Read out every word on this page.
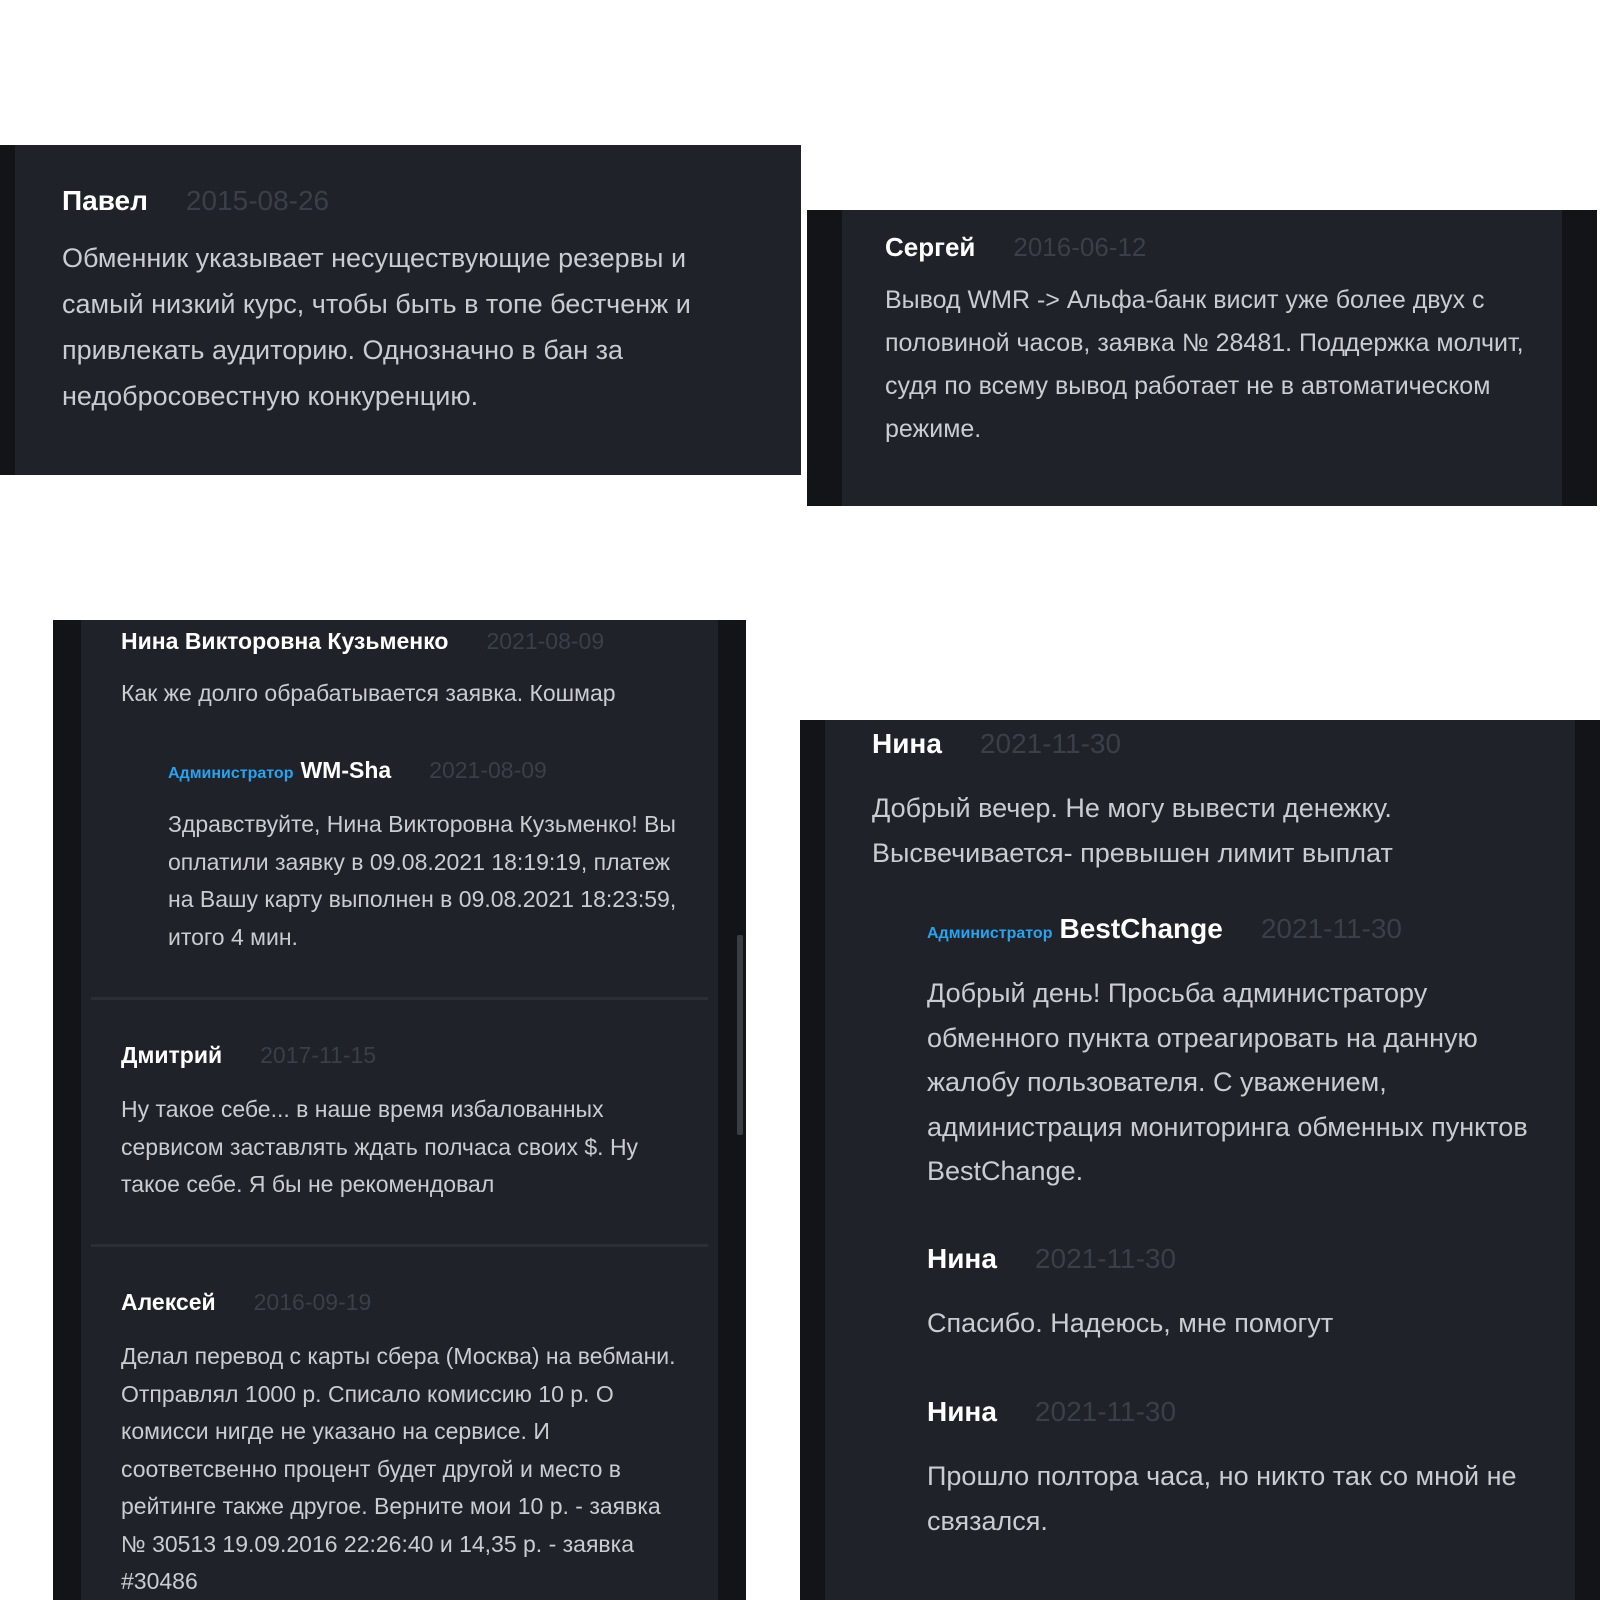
Павел 2015-08-26
Обменник указывает несуществующие резервы и самый низкий курс, чтобы быть в топе бестченж и привлекать аудиторию. Однозначно в бан за недобросовестную конкуренцию.
Сергей 2016-06-12
Вывод WMR -> Альфа-банк висит уже более двух с половиной часов, заявка № 28481. Поддержка молчит, судя по всему вывод работает не в автоматическом режиме.
Нина Викторовна Кузьменко 2021-08-09
Как же долго обрабатывается заявка. Кошмар
Администратор WM-Sha 2021-08-09
Здравствуйте, Нина Викторовна Кузьменко! Вы оплатили заявку в 09.08.2021 18:19:19, платеж на Вашу карту выполнен в 09.08.2021 18:23:59, итого 4 мин.
Дмитрий 2017-11-15
Ну такое себе... в наше время избалованных сервисом заставлять ждать полчаса своих $. Ну такое себе. Я бы не рекомендовал
Алексей 2016-09-19
Делал перевод с карты сбера (Москва) на вебмани. Отправлял 1000 р. Списало комиссию 10 р. О комисси нигде не указано на сервисе. И соответсвенно процент будет другой и место в рейтинге также другое. Верните мои 10 р. - заявка № 30513 19.09.2016 22:26:40 и 14,35 р. - заявка #30486
Нина 2021-11-30
Добрый вечер. Не могу вывести денежку. Высвечивается- превышен лимит выплат
Администратор BestChange 2021-11-30
Добрый день! Просьба администратору обменного пункта отреагировать на данную жалобу пользователя. С уважением, администрация мониторинга обменных пунктов BestChange.
Нина 2021-11-30
Спасибо. Надеюсь, мне помогут
Нина 2021-11-30
Прошло полтора часа, но никто так со мной не связался.
